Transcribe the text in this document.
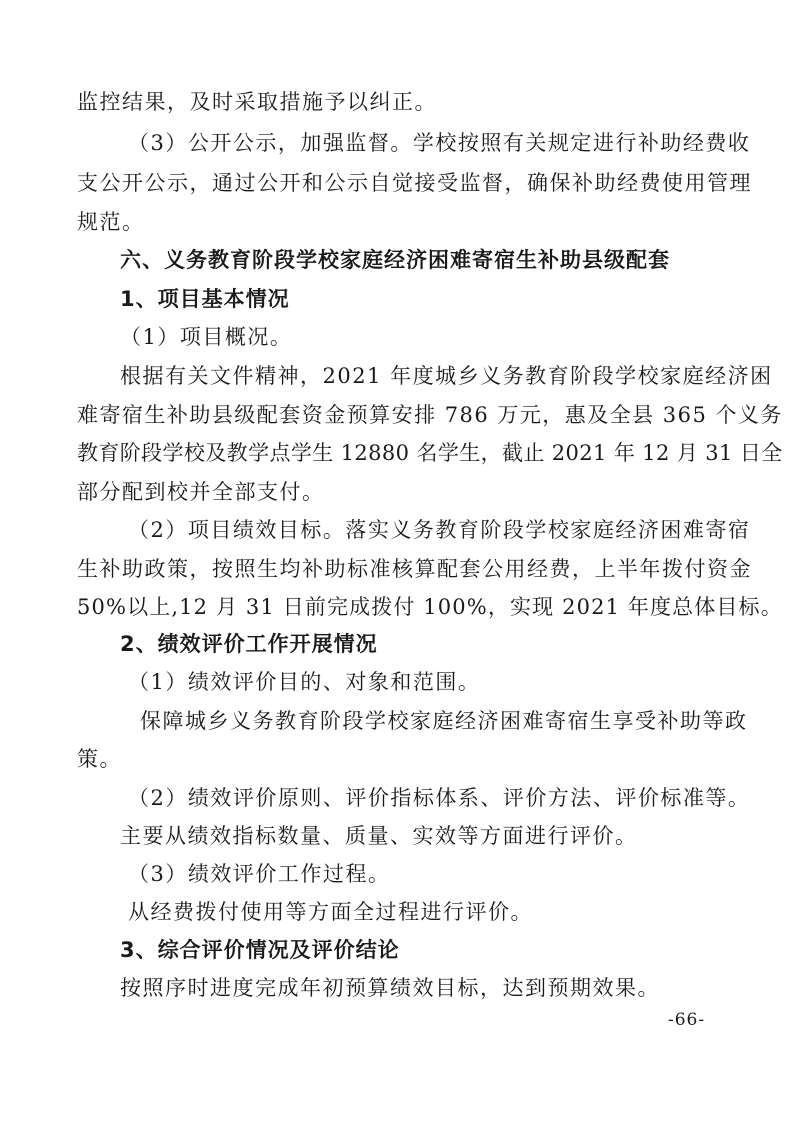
监控结果，及时采取措施予以纠正。
（3）公开公示，加强监督。学校按照有关规定进行补助经费收
支公开公示，通过公开和公示自觉接受监督，确保补助经费使用管理
规范。
六、义务教育阶段学校家庭经济困难寄宿生补助县级配套
1、项目基本情况
（1）项目概况。
根据有关文件精神，2021 年度城乡义务教育阶段学校家庭经济困
难寄宿生补助县级配套资金预算安排 786 万元，惠及全县 365 个义务
教育阶段学校及教学点学生 12880 名学生，截止 2021 年 12 月 31 日全
部分配到校并全部支付。
（2）项目绩效目标。落实义务教育阶段学校家庭经济困难寄宿
生补助政策，按照生均补助标准核算配套公用经费，上半年拨付资金
50%以上,12 月 31 日前完成拨付 100%，实现 2021 年度总体目标。
2、绩效评价工作开展情况
（1）绩效评价目的、对象和范围。
保障城乡义务教育阶段学校家庭经济困难寄宿生享受补助等政
策。
（2）绩效评价原则、评价指标体系、评价方法、评价标准等。
主要从绩效指标数量、质量、实效等方面进行评价。
（3）绩效评价工作过程。
从经费拨付使用等方面全过程进行评价。
3、综合评价情况及评价结论
按照序时进度完成年初预算绩效目标，达到预期效果。
-66-
